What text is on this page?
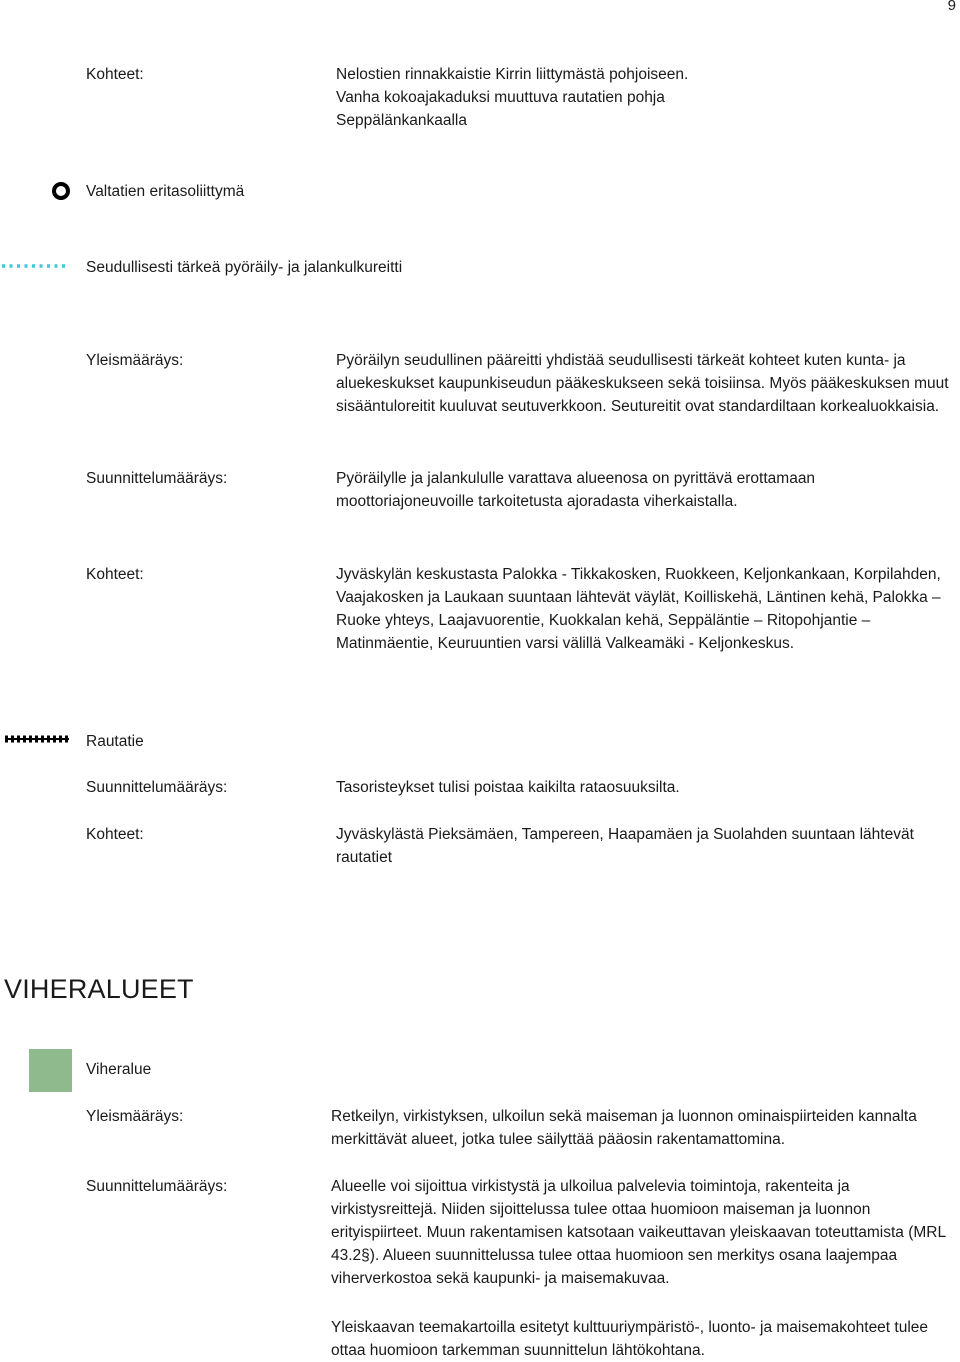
9
Kohteet:	Nelostien rinnakkaistie Kirrin liittymästä pohjoiseen. Vanha kokoajakaduksi muuttuva rautatien pohja Seppälänkankaalla
Valtatien eritasoliittymä
Seudullisesti tärkeä pyöräily- ja jalankulkureitti
Yleismääräys:	Pyöräilyn seudullinen pääreitti yhdistää seudullisesti tärkeät kohteet kuten kunta- ja aluekeskukset kaupunkiseudun pääkeskukseen sekä toisiinsa. Myös pääkeskuksen muut sisääntuloreitit kuuluvat seutuverkkoon. Seutureitit ovat standardiltaan korkealuokkaisia.
Suunnittelumääräys:	Pyöräilylle ja jalankululle varattava alueenosa on pyrittävä erottamaan moottoriajoneuvoille tarkoitetusta ajoradasta viherkaistalla.
Kohteet:	Jyväskylän keskustasta Palokka - Tikkakosken, Ruokkeen, Keljonkankaan, Korpilahden, Vaajakosken ja Laukaan suuntaan lähtevät väylät, Koilliskehä, Läntinen kehä, Palokka – Ruoke yhteys, Laajavuorentie, Kuokkalan kehä, Seppäläntie – Ritopohjantie – Matinmäentie, Keuruuntien varsi välillä Valkeamäki - Keljonkeskus.
Rautatie
Suunnittelumääräys:	Tasoristeykset tulisi poistaa kaikilta rataosuuksilta.
Kohteet:	Jyväskylästä Pieksämäen, Tampereen, Haapamäen ja Suolahden suuntaan lähtevät rautatiet
VIHERALUEET
Viheralue
Yleismääräys:	Retkeilyn, virkistyksen, ulkoilun sekä maiseman ja luonnon ominaispiirteiden kannalta merkittävät alueet, jotka tulee säilyttää pääosin rakentamattomina.
Suunnittelumääräys:	Alueelle voi sijoittua virkistystä ja ulkoilua palvelevia toimintoja, rakenteita ja virkistysreittejä. Niiden sijoittelussa tulee ottaa huomioon maiseman ja luonnon erityispiirteet. Muun rakentamisen katsotaan vaikeuttavan yleiskaavan toteuttamista (MRL 43.2§). Alueen suunnittelussa tulee ottaa huomioon sen merkitys osana laajempaa viherverkostoa sekä kaupunki- ja maisemakuvaa.
Yleiskaavan teemakartoilla esitetyt kulttuuriympäristö-, luonto- ja maisemakohteet tulee ottaa huomioon tarkemman suunnittelun lähtökohtana.
